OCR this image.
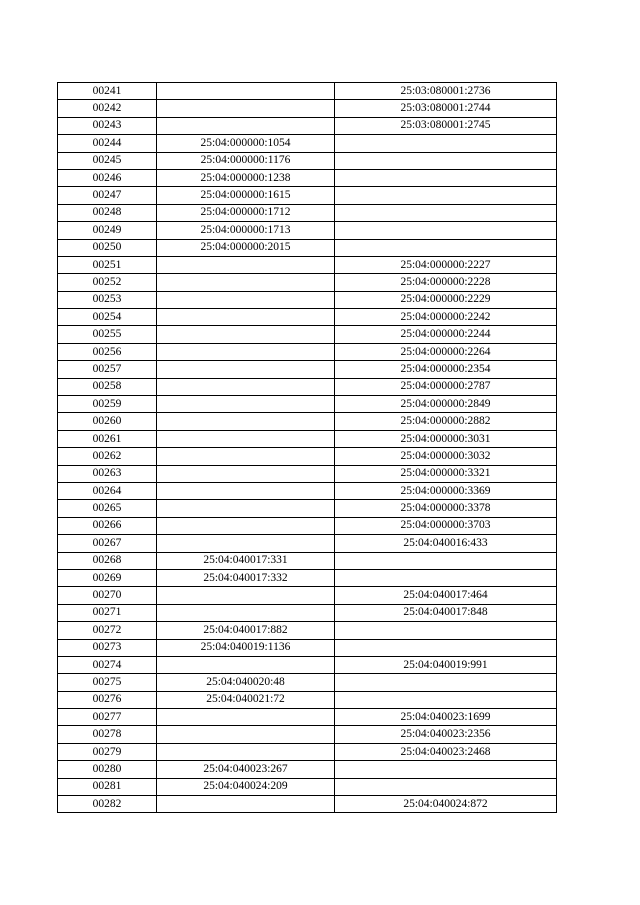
00241		25:03:080001:2736
00242		25:03:080001:2744
00243		25:03:080001:2745
00244	25:04:000000:1054	
00245	25:04:000000:1176	
00246	25:04:000000:1238	
00247	25:04:000000:1615	
00248	25:04:000000:1712	
00249	25:04:000000:1713	
00250	25:04:000000:2015	
00251		25:04:000000:2227
00252		25:04:000000:2228
00253		25:04:000000:2229
00254		25:04:000000:2242
00255		25:04:000000:2244
00256		25:04:000000:2264
00257		25:04:000000:2354
00258		25:04:000000:2787
00259		25:04:000000:2849
00260		25:04:000000:2882
00261		25:04:000000:3031
00262		25:04:000000:3032
00263		25:04:000000:3321
00264		25:04:000000:3369
00265		25:04:000000:3378
00266		25:04:000000:3703
00267		25:04:040016:433
00268	25:04:040017:331	
00269	25:04:040017:332	
00270		25:04:040017:464
00271		25:04:040017:848
00272	25:04:040017:882	
00273	25:04:040019:1136	
00274		25:04:040019:991
00275	25:04:040020:48	
00276	25:04:040021:72	
00277		25:04:040023:1699
00278		25:04:040023:2356
00279		25:04:040023:2468
00280	25:04:040023:267	
00281	25:04:040024:209	
00282		25:04:040024:872
